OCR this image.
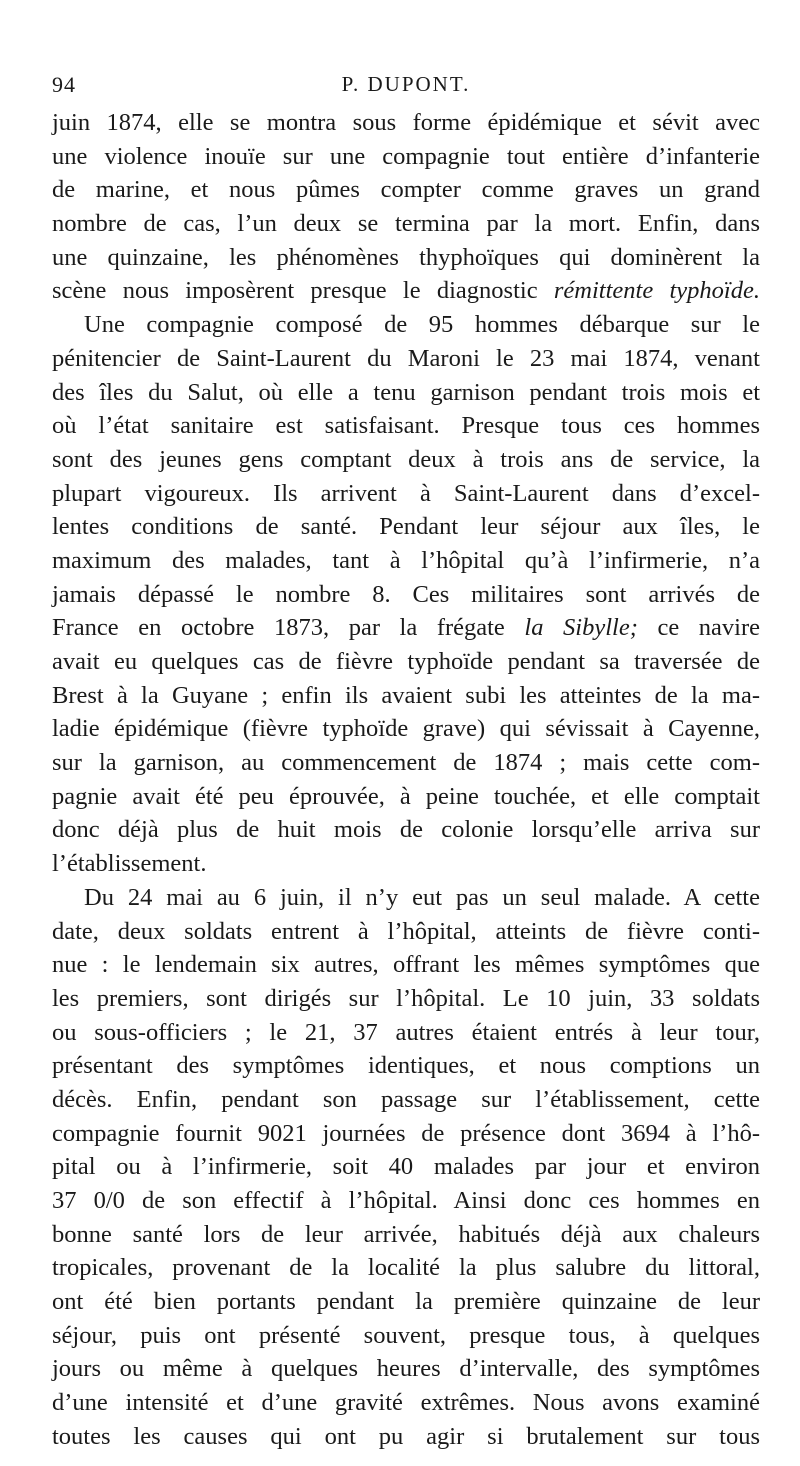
94	P. DUPONT.
juin 1874, elle se montra sous forme épidémique et sévit avec
une violence inouïe sur une compagnie tout entière d’infanterie
de marine, et nous pûmes compter comme graves un grand
nombre de cas, l’un deux se termina par la mort. Enfin, dans
une quinzaine, les phénomènes thyphoïques qui dominèrent la
scène nous imposèrent presque le diagnostic rémittente typhoïde.
Une compagnie composé de 95 hommes débarque sur le
pénitencier de Saint-Laurent du Maroni le 23 mai 1874, venant
des îles du Salut, où elle a tenu garnison pendant trois mois et
où l’état sanitaire est satisfaisant. Presque tous ces hommes
sont des jeunes gens comptant deux à trois ans de service, la
plupart vigoureux. Ils arrivent à Saint-Laurent dans d’excel-
lentes conditions de santé. Pendant leur séjour aux îles, le
maximum des malades, tant à l’hôpital qu’à l’infirmerie, n’a
jamais dépassé le nombre 8. Ces militaires sont arrivés de
France en octobre 1873, par la frégate la Sibylle; ce navire
avait eu quelques cas de fièvre typhoïde pendant sa traversée de
Brest à la Guyane ; enfin ils avaient subi les atteintes de la ma-
ladie épidémique (fièvre typhoïde grave) qui sévissait à Cayenne,
sur la garnison, au commencement de 1874 ; mais cette com-
pagnie avait été peu éprouvée, à peine touchée, et elle comptait
donc déjà plus de huit mois de colonie lorsqu’elle arriva sur
l’établissement.
Du 24 mai au 6 juin, il n’y eut pas un seul malade. A cette
date, deux soldats entrent à l’hôpital, atteints de fièvre conti-
nue : le lendemain six autres, offrant les mêmes symptômes que
les premiers, sont dirigés sur l’hôpital. Le 10 juin, 33 soldats
ou sous-officiers ; le 21, 37 autres étaient entrés à leur tour,
présentant des symptômes identiques, et nous comptions un
décès. Enfin, pendant son passage sur l’établissement, cette
compagnie fournit 9021 journées de présence dont 3694 à l’hô-
pital ou à l’infirmerie, soit 40 malades par jour et environ
37 0/0 de son effectif à l’hôpital. Ainsi donc ces hommes en
bonne santé lors de leur arrivée, habitués déjà aux chaleurs
tropicales, provenant de la localité la plus salubre du littoral,
ont été bien portants pendant la première quinzaine de leur
séjour, puis ont présenté souvent, presque tous, à quelques
jours ou même à quelques heures d’intervalle, des symptômes
d’une intensité et d’une gravité extrêmes. Nous avons examiné
toutes les causes qui ont pu agir si brutalement sur tous
